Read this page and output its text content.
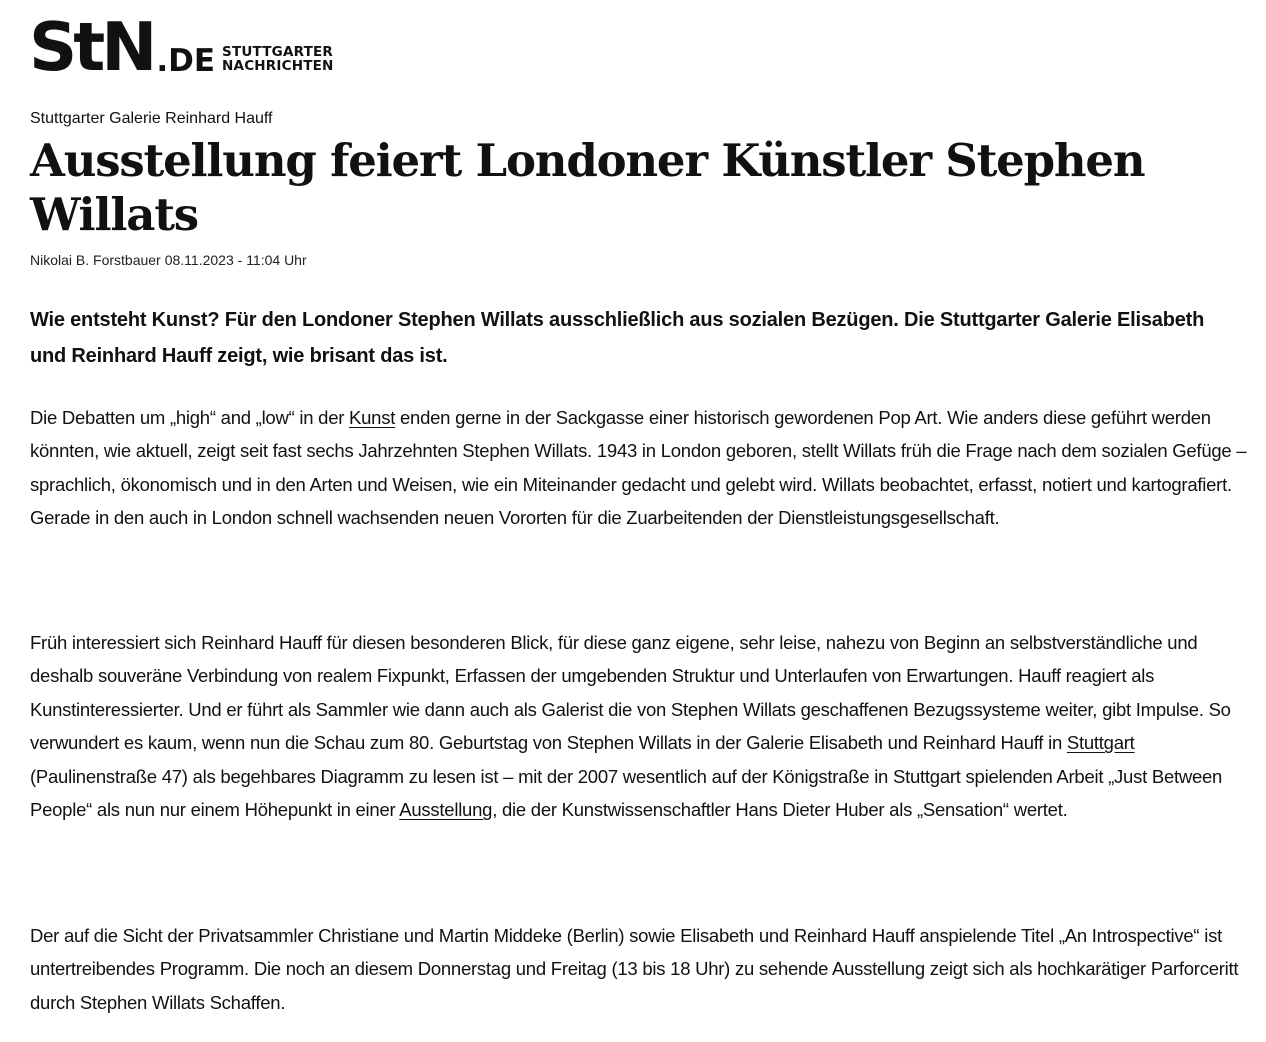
StN .DE STUTTGARTER
NACHRICHTEN
Stuttgarter Galerie Reinhard Hauff
Ausstellung feiert Londoner Künstler Stephen Willats
Nikolai B. Forstbauer 08.11.2023 - 11:04 Uhr

Wie entsteht Kunst? Für den Londoner Stephen Willats ausschließlich aus sozialen Bezügen. Die Stuttgarter Galerie Elisabeth und Reinhard Hauff zeigt, wie brisant das ist.

Die Debatten um „high“ and „low“ in der Kunst enden gerne in der Sackgasse einer historisch gewordenen Pop Art. Wie anders diese geführt werden könnten, wie aktuell, zeigt seit fast sechs Jahrzehnten Stephen Willats. 1943 in London geboren, stellt Willats früh die Frage nach dem sozialen Gefüge – sprachlich, ökonomisch und in den Arten und Weisen, wie ein Miteinander gedacht und gelebt wird. Willats beobachtet, erfasst, notiert und kartografiert. Gerade in den auch in London schnell wachsenden neuen Vororten für die Zuarbeitenden der Dienstleistungsgesellschaft.

Früh interessiert sich Reinhard Hauff für diesen besonderen Blick, für diese ganz eigene, sehr leise, nahezu von Beginn an selbstverständliche und deshalb souveräne Verbindung von realem Fixpunkt, Erfassen der umgebenden Struktur und Unterlaufen von Erwartungen. Hauff reagiert als Kunstinteressierter. Und er führt als Sammler wie dann auch als Galerist die von Stephen Willats geschaffenen Bezugssysteme weiter, gibt Impulse. So verwundert es kaum, wenn nun die Schau zum 80. Geburtstag von Stephen Willats in der Galerie Elisabeth und Reinhard Hauff in Stuttgart (Paulinenstraße 47) als begehbares Diagramm zu lesen ist – mit der 2007 wesentlich auf der Königstraße in Stuttgart spielenden Arbeit „Just Between People“ als nun nur einem Höhepunkt in einer Ausstellung, die der Kunstwissenschaftler Hans Dieter Huber als „Sensation“ wertet.

Der auf die Sicht der Privatsammler Christiane und Martin Middeke (Berlin) sowie Elisabeth und Reinhard Hauff anspielende Titel „An Introspective“ ist untertreibendes Programm. Die noch an diesem Donnerstag und Freitag (13 bis 18 Uhr) zu sehende Ausstellung zeigt sich als hochkarätiger Parforceritt durch Stephen Willats Schaffen.
